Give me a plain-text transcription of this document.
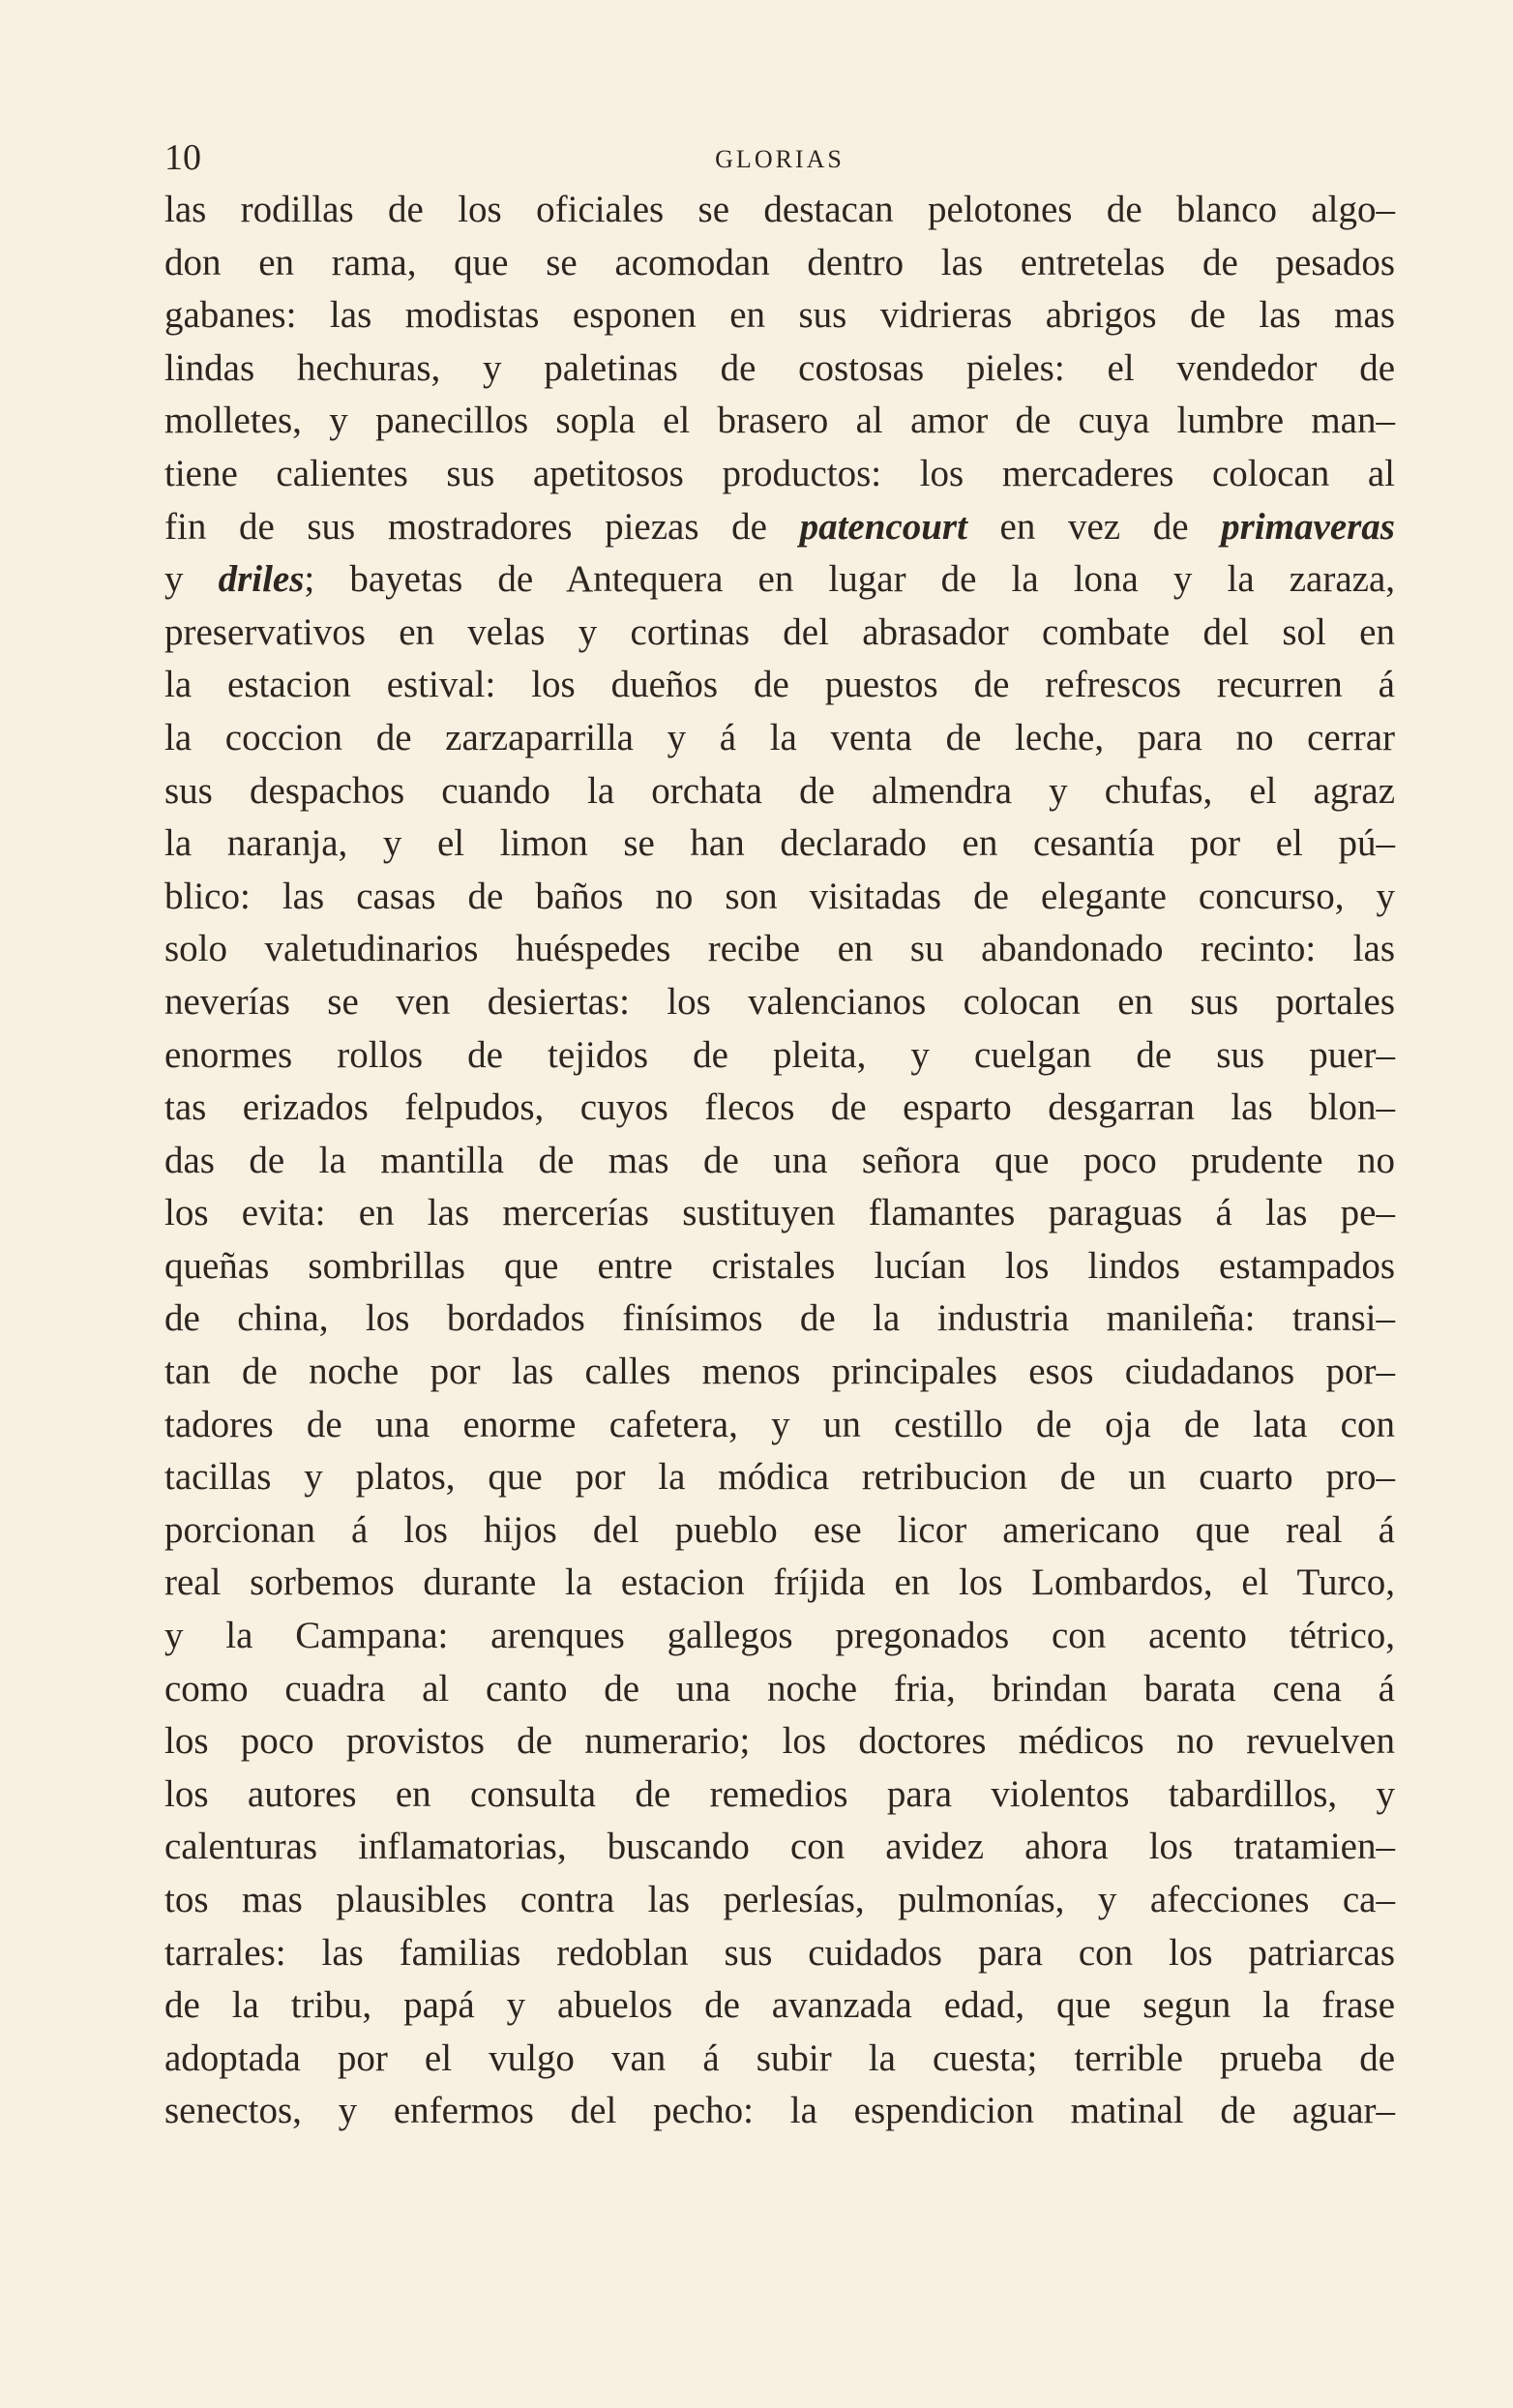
10	GLORIAS
las rodillas de los oficiales se destacan pelotones de blanco algo–
don en rama, que se acomodan dentro las entretelas de pesados
gabanes: las modistas esponen en sus vidrieras abrigos de las mas
lindas hechuras, y paletinas de costosas pieles: el vendedor de
molletes, y panecillos sopla el brasero al amor de cuya lumbre man–
tiene calientes sus apetitosos productos: los mercaderes colocan al
fin de sus mostradores piezas de patencourt en vez de primaveras
y driles; bayetas de Antequera en lugar de la lona y la zaraza,
preservativos en velas y cortinas del abrasador combate del sol en
la estacion estival: los dueños de puestos de refrescos recurren á
la coccion de zarzaparrilla y á la venta de leche, para no cerrar
sus despachos cuando la orchata de almendra y chufas, el agraz
la naranja, y el limon se han declarado en cesantía por el pú–
blico: las casas de baños no son visitadas de elegante concurso, y
solo valetudinarios huéspedes recibe en su abandonado recinto: las
neverías se ven desiertas: los valencianos colocan en sus portales
enormes rollos de tejidos de pleita, y cuelgan de sus puer–
tas erizados felpudos, cuyos flecos de esparto desgarran las blon–
das de la mantilla de mas de una señora que poco prudente no
los evita: en las mercerías sustituyen flamantes paraguas á las pe–
queñas sombrillas que entre cristales lucían los lindos estampados
de china, los bordados finísimos de la industria manileña: transi–
tan de noche por las calles menos principales esos ciudadanos por–
tadores de una enorme cafetera, y un cestillo de oja de lata con
tacillas y platos, que por la módica retribucion de un cuarto pro–
porcionan á los hijos del pueblo ese licor americano que real á
real sorbemos durante la estacion fríjida en los Lombardos, el Turco,
y la Campana: arenques gallegos pregonados con acento tétrico,
como cuadra al canto de una noche fria, brindan barata cena á
los poco provistos de numerario; los doctores médicos no revuelven
los autores en consulta de remedios para violentos tabardillos, y
calenturas inflamatorias, buscando con avidez ahora los tratamien–
tos mas plausibles contra las perlesías, pulmonías, y afecciones ca–
tarrales: las familias redoblan sus cuidados para con los patriarcas
de la tribu, papá y abuelos de avanzada edad, que segun la frase
adoptada por el vulgo van á subir la cuesta; terrible prueba de
senectos, y enfermos del pecho: la espendicion matinal de aguar–
